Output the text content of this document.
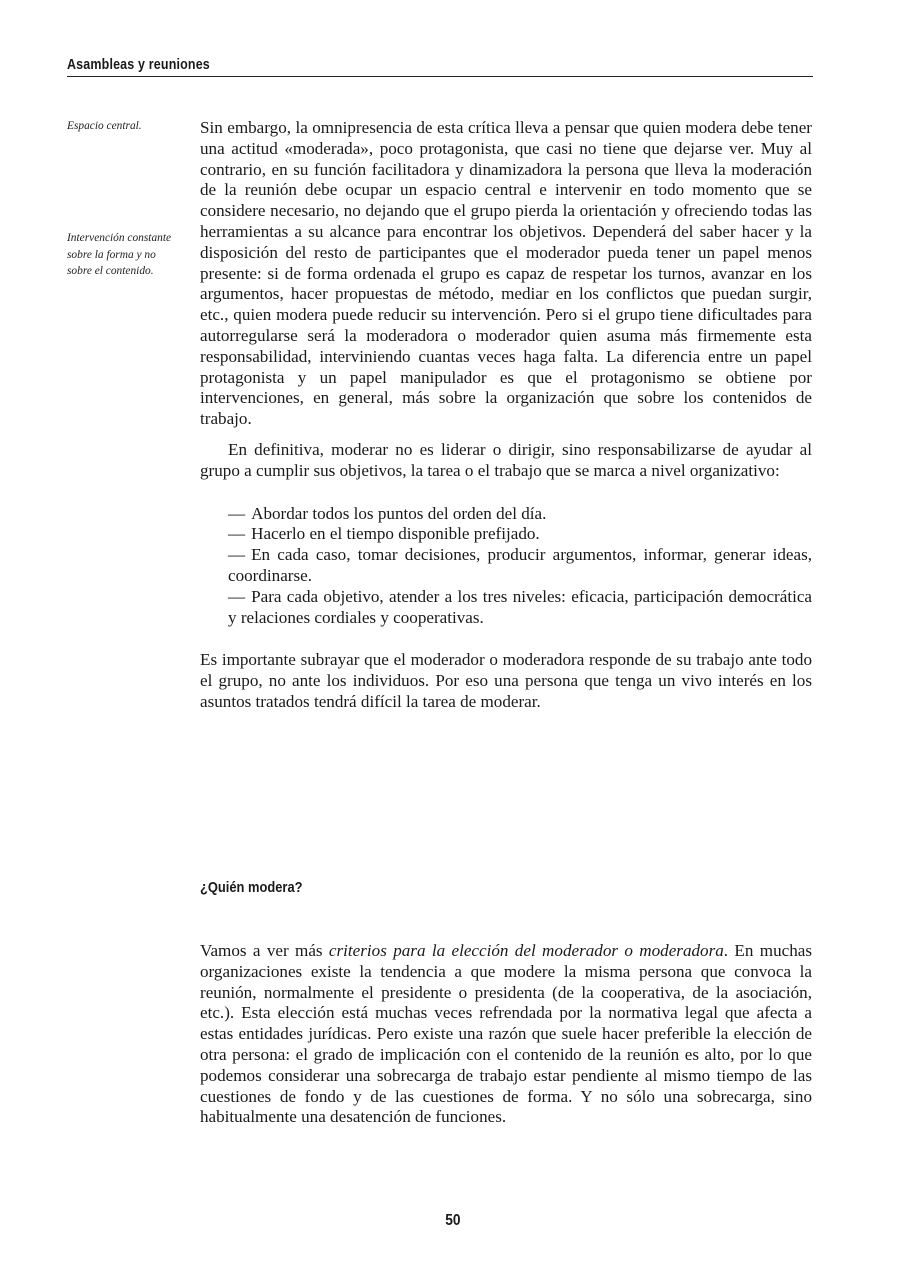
Asambleas y reuniones
Espacio central.
Intervención constante sobre la forma y no sobre el contenido.

Sin embargo, la omnipresencia de esta crítica lleva a pensar que quien modera debe tener una actitud «moderada», poco protagonista, que casi no tiene que dejarse ver. Muy al contrario, en su función facilitadora y dinamizadora la persona que lleva la moderación de la reunión debe ocupar un espacio central e intervenir en todo momento que se considere necesario, no dejando que el grupo pierda la orientación y ofreciendo todas las herramientas a su alcance para encontrar los objetivos. Dependerá del saber hacer y la disposición del resto de participantes que el moderador pueda tener un papel menos presente: si de forma ordenada el grupo es capaz de respetar los turnos, avanzar en los argumentos, hacer propuestas de método, mediar en los conflictos que puedan surgir, etc., quien modera puede reducir su intervención. Pero si el grupo tiene dificultades para autorregularse será la moderadora o moderador quien asuma más firmemente esta responsabilidad, interviniendo cuantas veces haga falta. La diferencia entre un papel protagonista y un papel manipulador es que el protagonismo se obtiene por intervenciones, en general, más sobre la organización que sobre los contenidos de trabajo.

En definitiva, moderar no es liderar o dirigir, sino responsabilizarse de ayudar al grupo a cumplir sus objetivos, la tarea o el trabajo que se marca a nivel organizativo:

— Abordar todos los puntos del orden del día.
— Hacerlo en el tiempo disponible prefijado.
— En cada caso, tomar decisiones, producir argumentos, informar, generar ideas, coordinarse.
— Para cada objetivo, atender a los tres niveles: eficacia, participación democrática y relaciones cordiales y cooperativas.

Es importante subrayar que el moderador o moderadora responde de su trabajo ante todo el grupo, no ante los individuos. Por eso una persona que tenga un vivo interés en los asuntos tratados tendrá difícil la tarea de moderar.

¿Quién modera?

Vamos a ver más criterios para la elección del moderador o moderadora. En muchas organizaciones existe la tendencia a que modere la misma persona que convoca la reunión, normalmente el presidente o presidenta (de la cooperativa, de la asociación, etc.). Esta elección está muchas veces refrendada por la normativa legal que afecta a estas entidades jurídicas. Pero existe una razón que suele hacer preferible la elección de otra persona: el grado de implicación con el contenido de la reunión es alto, por lo que podemos considerar una sobrecarga de trabajo estar pendiente al mismo tiempo de las cuestiones de fondo y de las cuestiones de forma. Y no sólo una sobrecarga, sino habitualmente una desatención de funciones.

50
